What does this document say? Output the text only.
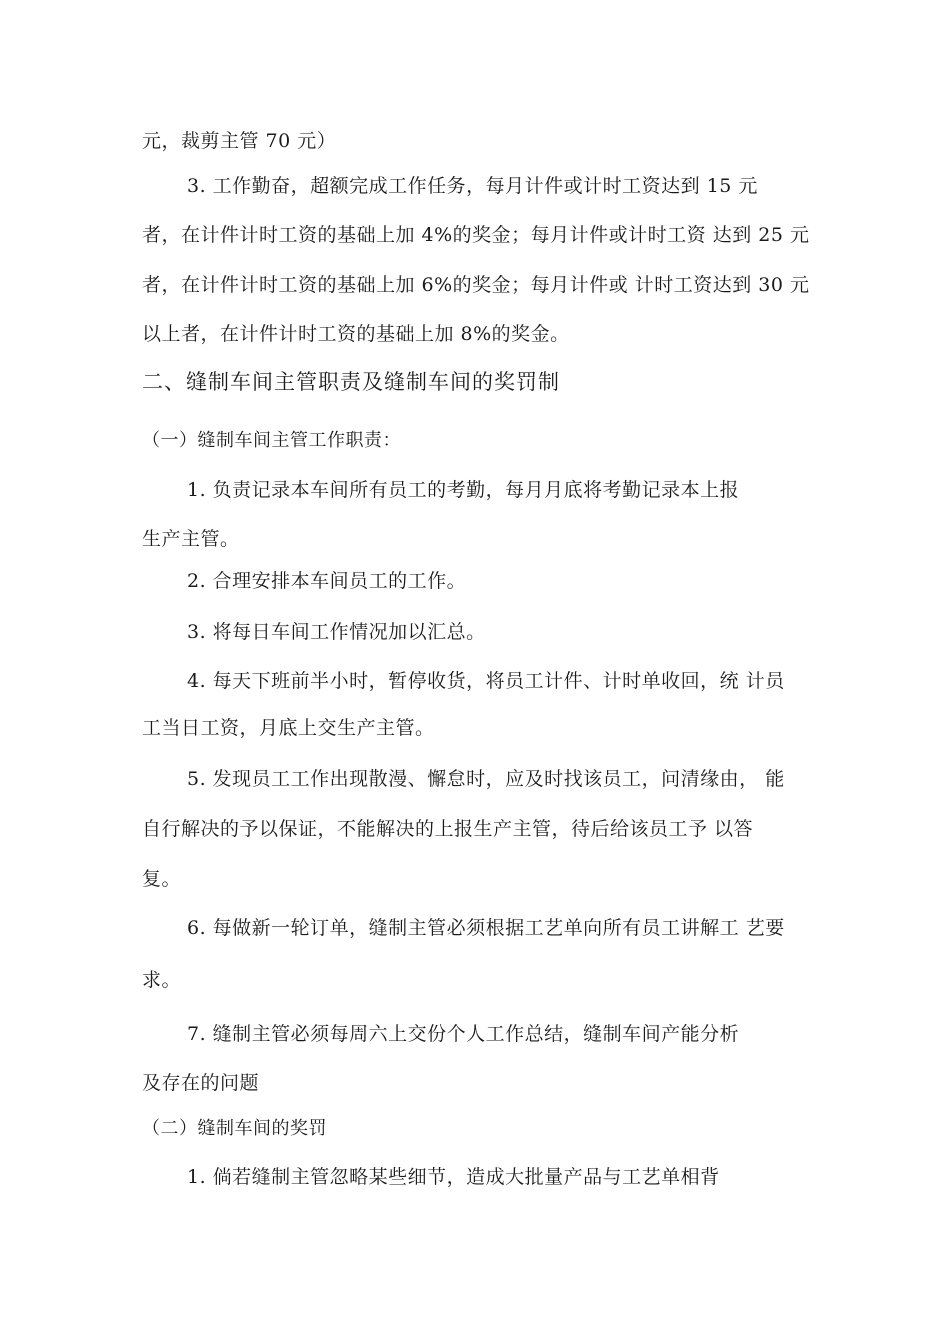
元，裁剪主管 70 元）
3. 工作勤奋，超额完成工作任务，每月计件或计时工资达到 15 元
者，在计件计时工资的基础上加 4%的奖金；每月计件或计时工资 达到 25 元
者，在计件计时工资的基础上加 6%的奖金；每月计件或 计时工资达到 30 元
以上者，在计件计时工资的基础上加 8%的奖金。
二、缝制车间主管职责及缝制车间的奖罚制
（一）缝制车间主管工作职责：
1. 负责记录本车间所有员工的考勤，每月月底将考勤记录本上报
生产主管。
2. 合理安排本车间员工的工作。
3. 将每日车间工作情况加以汇总。
4. 每天下班前半小时，暂停收货，将员工计件、计时单收回，统 计员
工当日工资，月底上交生产主管。
5. 发现员工工作出现散漫、懈怠时，应及时找该员工，问清缘由， 能
自行解决的予以保证，不能解决的上报生产主管，待后给该员工予 以答
复。
6. 每做新一轮订单，缝制主管必须根据工艺单向所有员工讲解工 艺要
求。
7. 缝制主管必须每周六上交份个人工作总结，缝制车间产能分析
及存在的问题
（二）缝制车间的奖罚
1. 倘若缝制主管忽略某些细节，造成大批量产品与工艺单相背
